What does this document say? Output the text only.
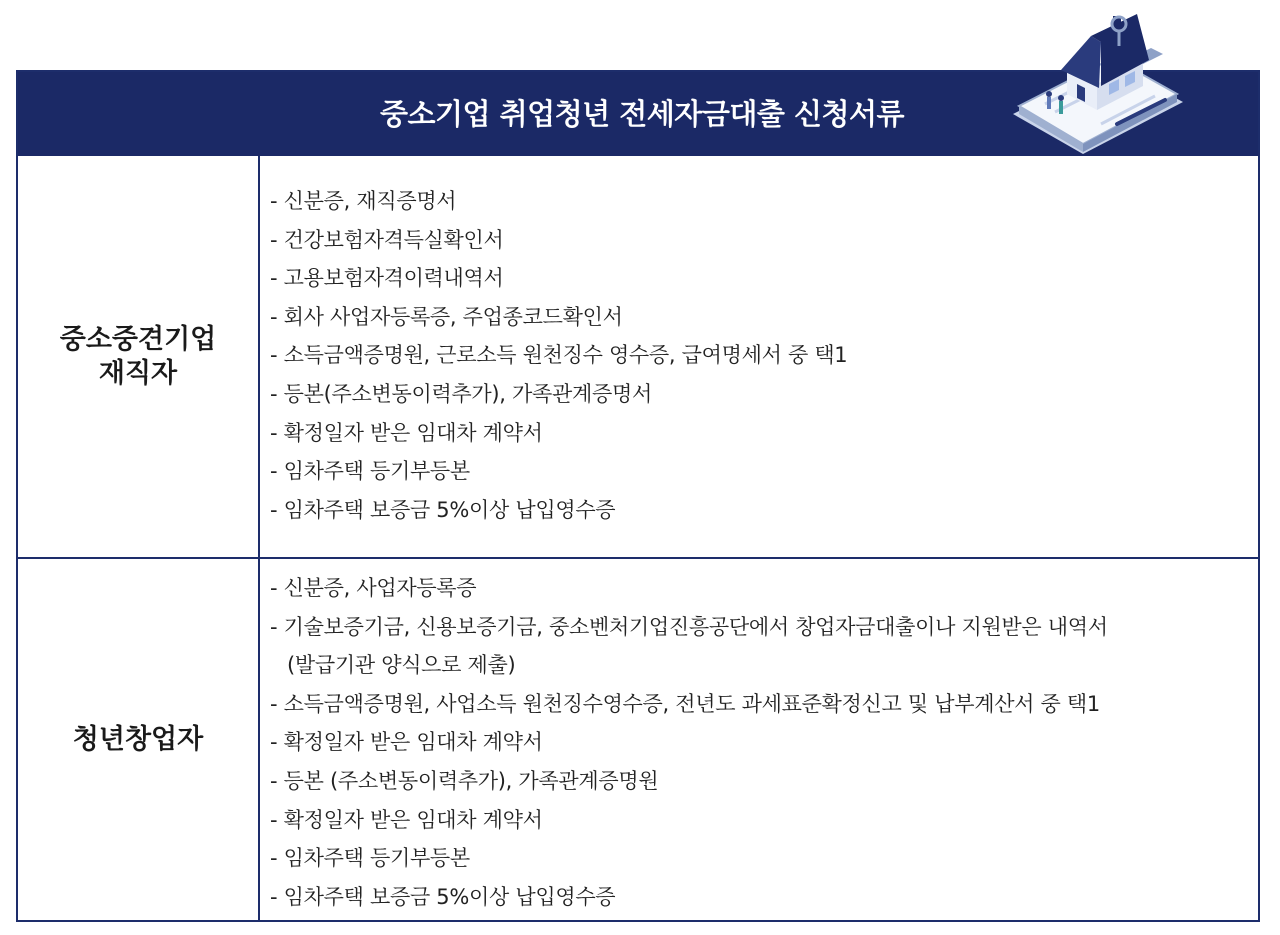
중소기업 취업청년 전세자금대출 신청서류
중소중견기업
재직자
- 신분증, 재직증명서
- 건강보험자격득실확인서
- 고용보험자격이력내역서
- 회사 사업자등록증, 주업종코드확인서
- 소득금액증명원, 근로소득 원천징수 영수증, 급여명세서 중 택1
- 등본(주소변동이력추가), 가족관계증명서
- 확정일자 받은 임대차 계약서
- 임차주택 등기부등본
- 임차주택 보증금 5%이상 납입영수증
청년창업자
- 신분증, 사업자등록증
- 기술보증기금, 신용보증기금, 중소벤처기업진흥공단에서 창업자금대출이나 지원받은 내역서
(발급기관 양식으로 제출)
- 소득금액증명원, 사업소득 원천징수영수증, 전년도 과세표준확정신고 및 납부계산서 중 택1
- 확정일자 받은 임대차 계약서
- 등본 (주소변동이력추가), 가족관계증명원
- 확정일자 받은 임대차 계약서
- 임차주택 등기부등본
- 임차주택 보증금 5%이상 납입영수증
